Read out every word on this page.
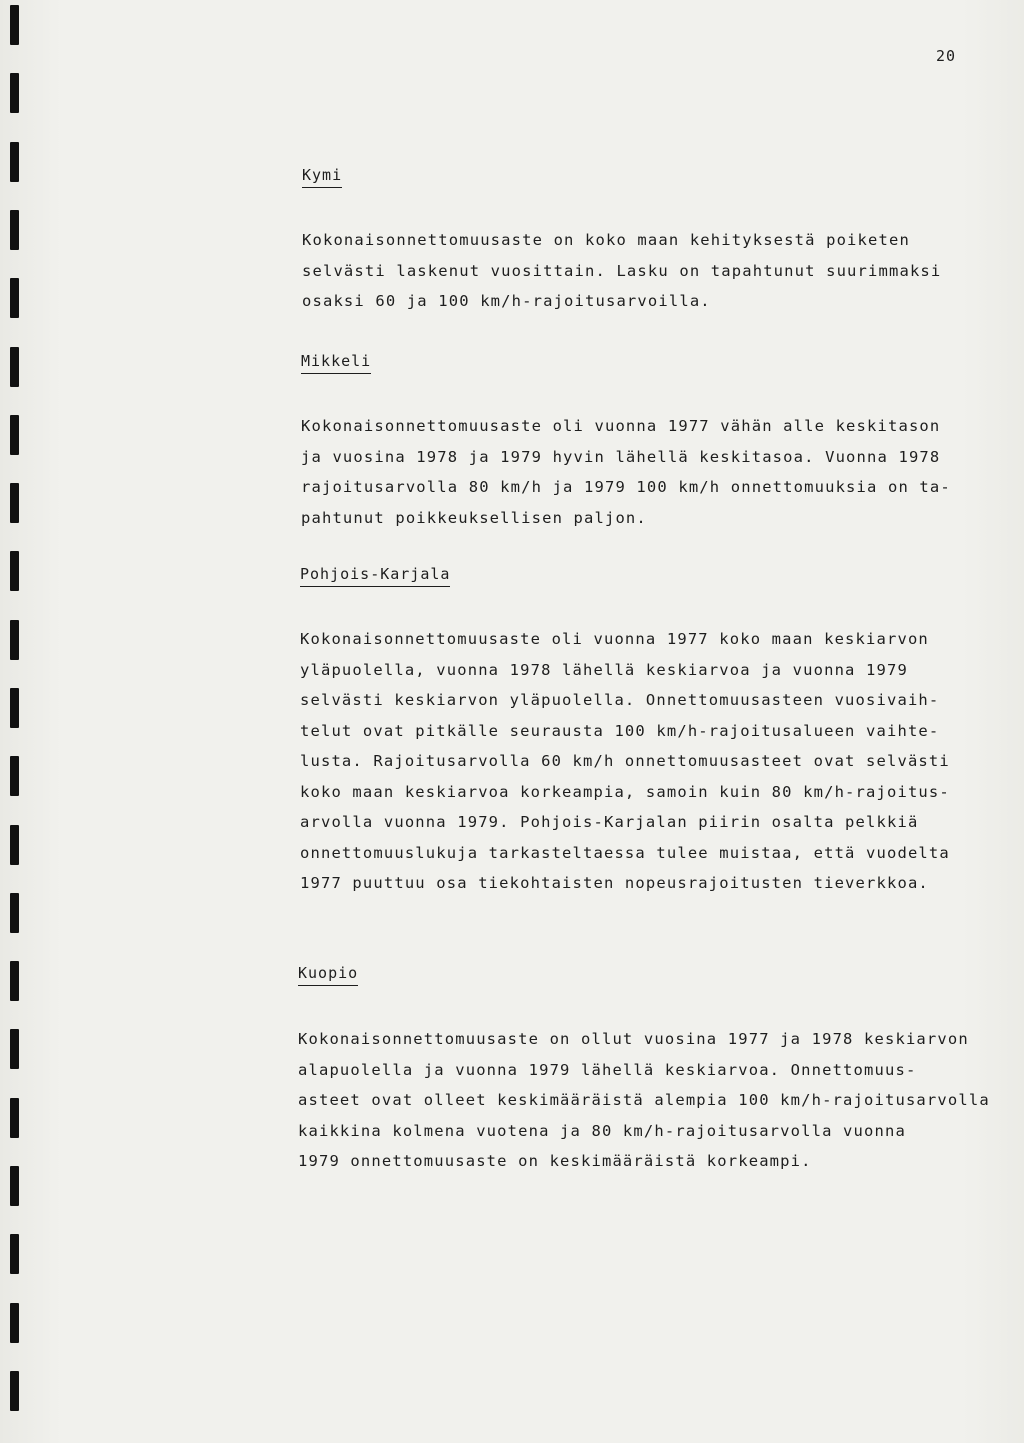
20
Kymi
Kokonaisonnettomuusaste on koko maan kehityksestä poiketen
selvästi laskenut vuosittain. Lasku on tapahtunut suurimmaksi
osaksi 60 ja 100 km/h-rajoitusarvoilla.
Mikkeli
Kokonaisonnettomuusaste oli vuonna 1977 vähän alle keskitason
ja vuosina 1978 ja 1979 hyvin lähellä keskitasoa. Vuonna 1978
rajoitusarvolla 80 km/h ja 1979 100 km/h onnettomuuksia on ta-
pahtunut poikkeuksellisen paljon.
Pohjois-Karjala
Kokonaisonnettomuusaste oli vuonna 1977 koko maan keskiarvon
yläpuolella, vuonna 1978 lähellä keskiarvoa ja vuonna 1979
selvästi keskiarvon yläpuolella. Onnettomuusasteen vuosivaih-
telut ovat pitkälle seurausta 100 km/h-rajoitusalueen vaihte-
lusta. Rajoitusarvolla 60 km/h onnettomuusasteet ovat selvästi
koko maan keskiarvoa korkeampia, samoin kuin 80 km/h-rajoitus-
arvolla vuonna 1979. Pohjois-Karjalan piirin osalta pelkkiä
onnettomuuslukuja tarkasteltaessa tulee muistaa, että vuodelta
1977 puuttuu osa tiekohtaisten nopeusrajoitusten tieverkkoa.
Kuopio
Kokonaisonnettomuusaste on ollut vuosina 1977 ja 1978 keskiarvon
alapuolella ja vuonna 1979 lähellä keskiarvoa. Onnettomuus-
asteet ovat olleet keskimääräistä alempia 100 km/h-rajoitusarvolla
kaikkina kolmena vuotena ja 80 km/h-rajoitusarvolla vuonna
1979 onnettomuusaste on keskimääräistä korkeampi.
